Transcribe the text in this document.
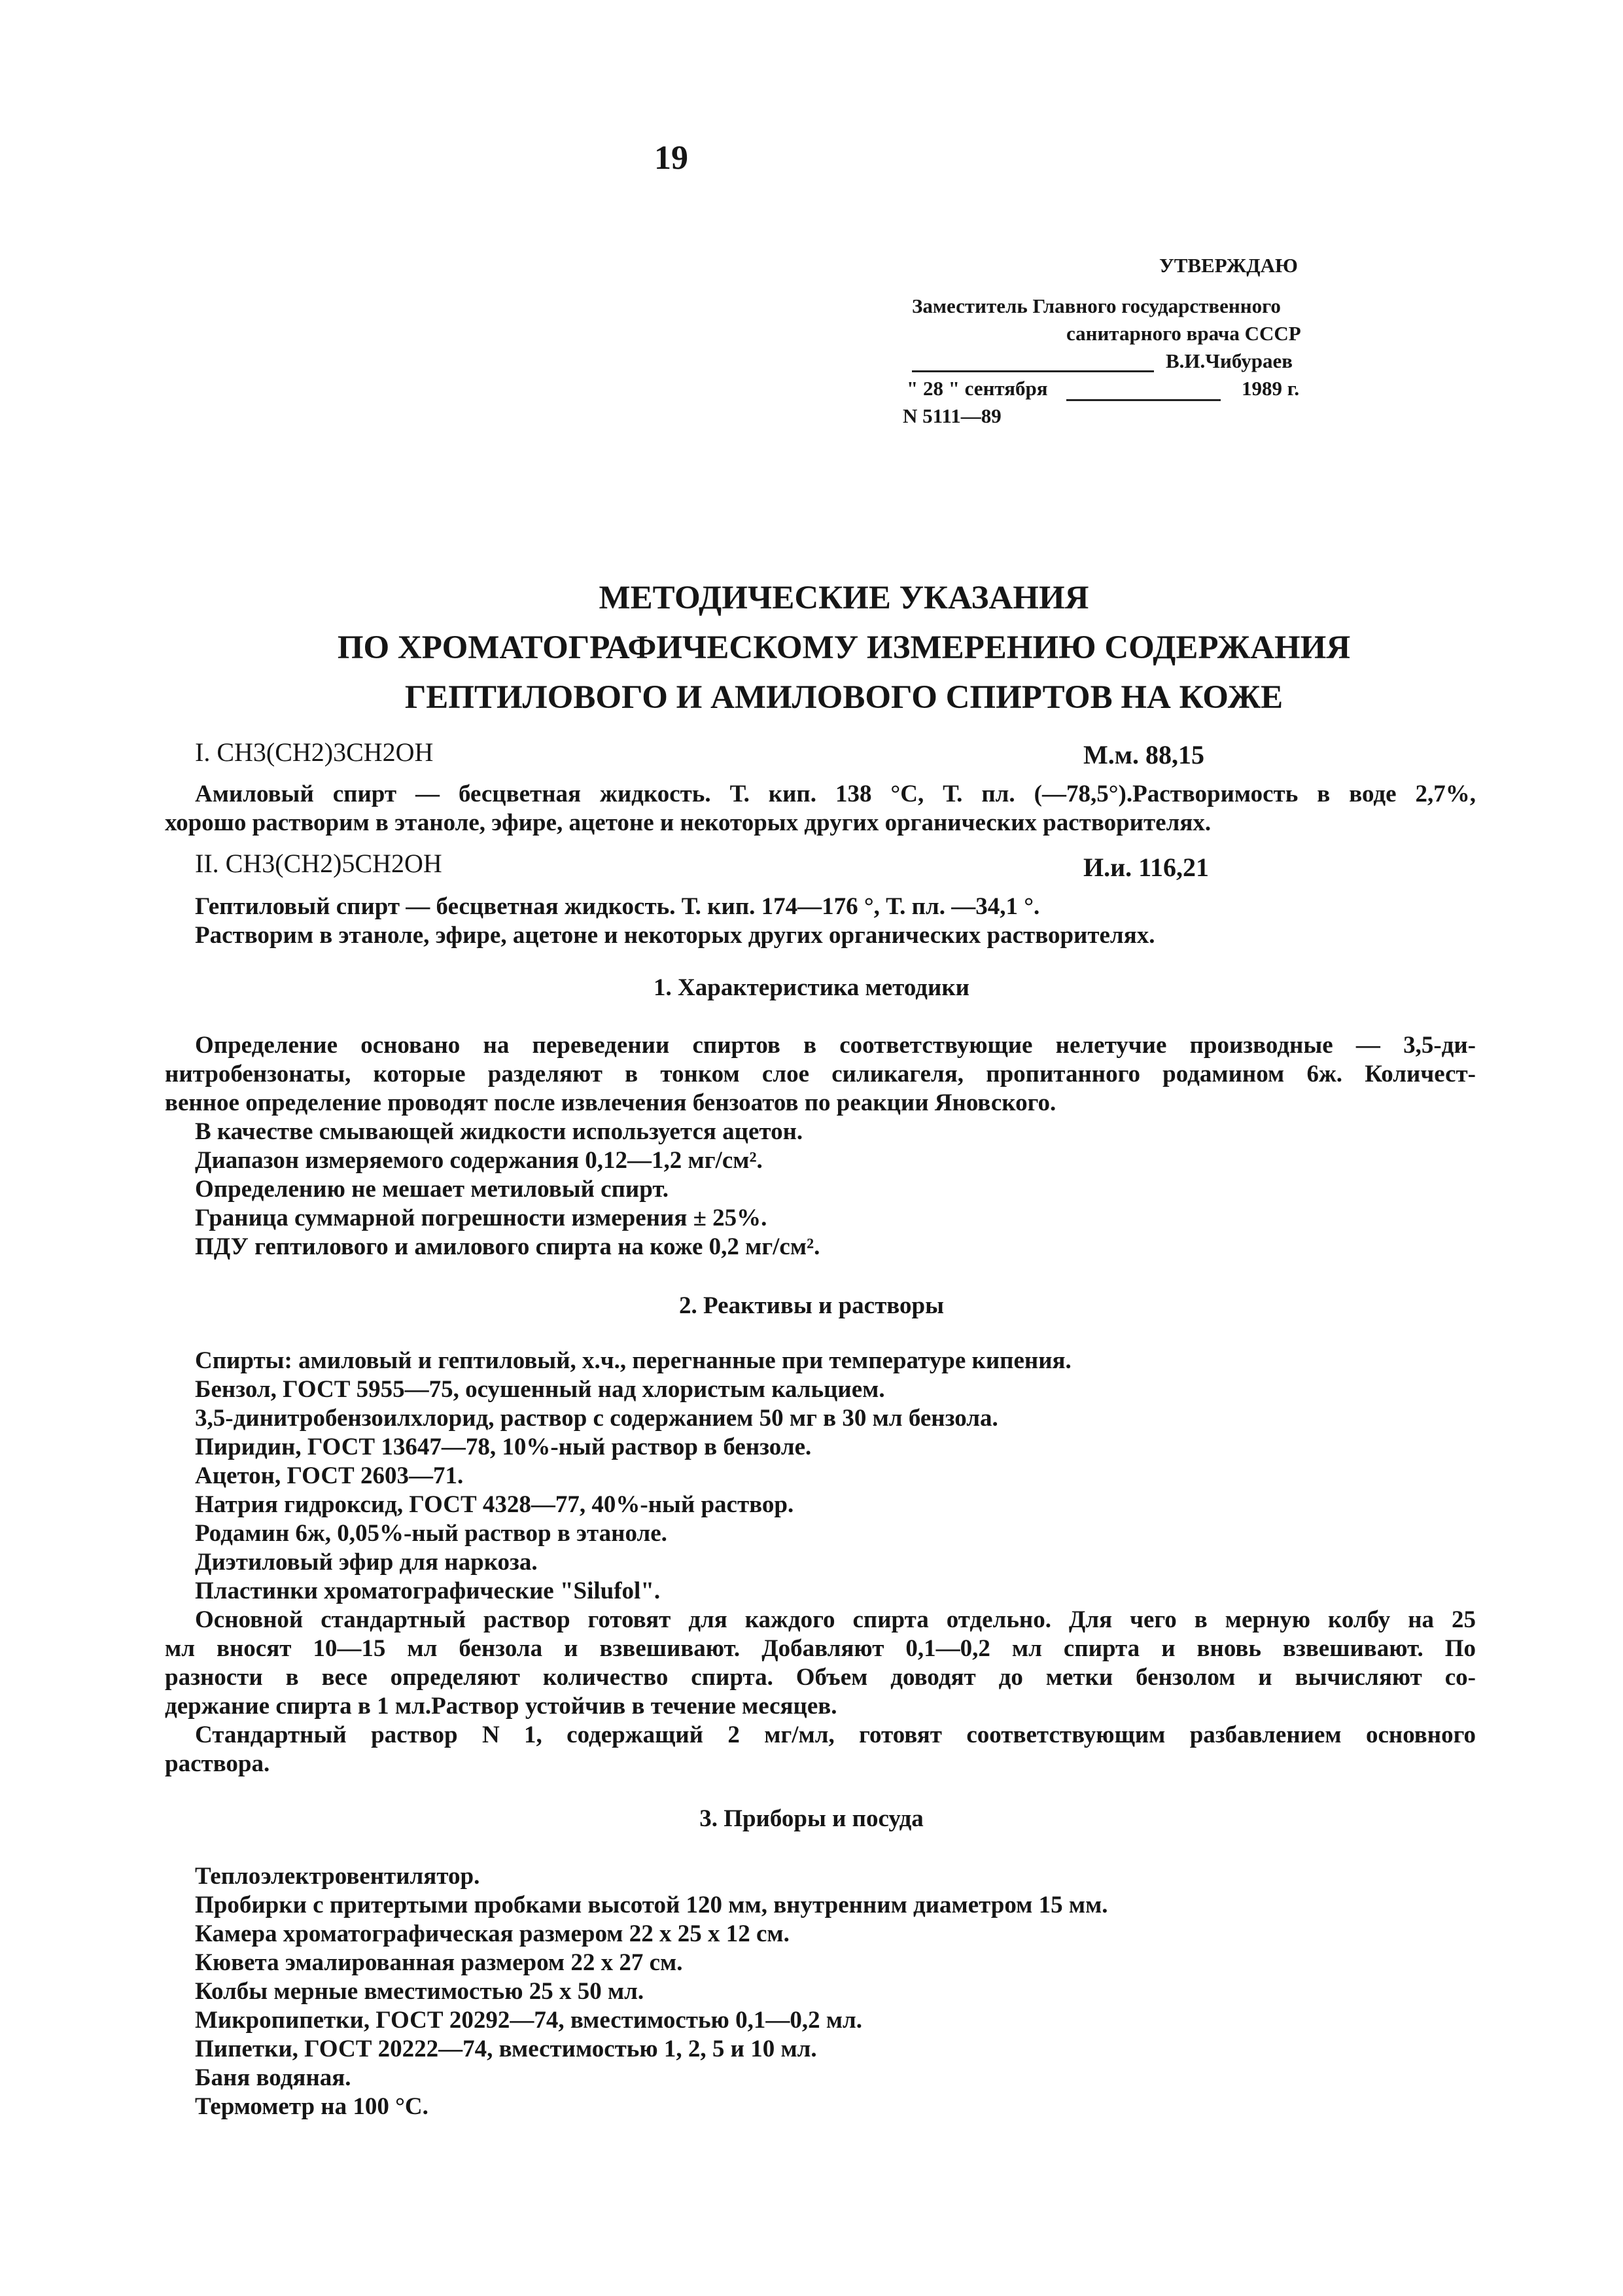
19
УТВЕРЖДАЮ
Заместитель Главного государственного
санитарного врача СССР
В.И.Чибураев
" 28 " сентября	1989 г.
N 5111—89
МЕТОДИЧЕСКИЕ УКАЗАНИЯ
ПО ХРОМАТОГРАФИЧЕСКОМУ ИЗМЕРЕНИЮ СОДЕРЖАНИЯ
ГЕПТИЛОВОГО И АМИЛОВОГО СПИРТОВ НА КОЖЕ
I. CH3(CH2)3CH2OH	М.м. 88,15
Амиловый спирт — бесцветная жидкость. Т. кип. 138 °С, Т. пл. (—78,5°).Растворимость в воде 2,7%,
хорошо растворим в этаноле, эфире, ацетоне и некоторых других органических растворителях.
II. CH3(CH2)5CH2OH	И.и. 116,21
Гептиловый спирт — бесцветная жидкость. Т. кип. 174—176 °, Т. пл. —34,1 °.
Растворим в этаноле, эфире, ацетоне и некоторых других органических растворителях.
1. Характеристика методики
Определение основано на переведении спиртов в соответствующие нелетучие производные — 3,5-ди-
нитробензонаты, которые разделяют в тонком слое силикагеля, пропитанного родамином 6ж. Количест-
венное определение проводят после извлечения бензоатов по реакции Яновского.
В качестве смывающей жидкости используется ацетон.
Диапазон измеряемого содержания 0,12—1,2 мг/см².
Определению не мешает метиловый спирт.
Граница суммарной погрешности измерения ± 25%.
ПДУ гептилового и амилового спирта на коже 0,2 мг/см².
2. Реактивы и растворы
Спирты: амиловый и гептиловый, х.ч., перегнанные при температуре кипения.
Бензол, ГОСТ 5955—75, осушенный над хлористым кальцием.
3,5-динитробензоилхлорид, раствор с содержанием 50 мг в 30 мл бензола.
Пиридин, ГОСТ 13647—78, 10%-ный раствор в бензоле.
Ацетон, ГОСТ 2603—71.
Натрия гидроксид, ГОСТ 4328—77, 40%-ный раствор.
Родамин 6ж, 0,05%-ный раствор в этаноле.
Диэтиловый эфир для наркоза.
Пластинки хроматографические "Silufol".
Основной стандартный раствор готовят для каждого спирта отдельно. Для чего в мерную колбу на 25
мл вносят 10—15 мл бензола и взвешивают. Добавляют 0,1—0,2 мл спирта и вновь взвешивают. По
разности в весе определяют количество спирта. Объем доводят до метки бензолом и вычисляют со-
держание спирта в 1 мл.Раствор устойчив в течение месяцев.
Стандартный раствор N 1, содержащий 2 мг/мл, готовят соответствующим разбавлением основного
раствора.
3. Приборы и посуда
Теплоэлектровентилятор.
Пробирки с притертыми пробками высотой 120 мм, внутренним диаметром 15 мм.
Камера хроматографическая размером 22 х 25 х 12 см.
Кювета эмалированная размером 22 х 27 см.
Колбы мерные вместимостью 25 х 50 мл.
Микропипетки, ГОСТ 20292—74, вместимостью 0,1—0,2 мл.
Пипетки, ГОСТ 20222—74, вместимостью 1, 2, 5 и 10 мл.
Баня водяная.
Термометр на 100 °С.
